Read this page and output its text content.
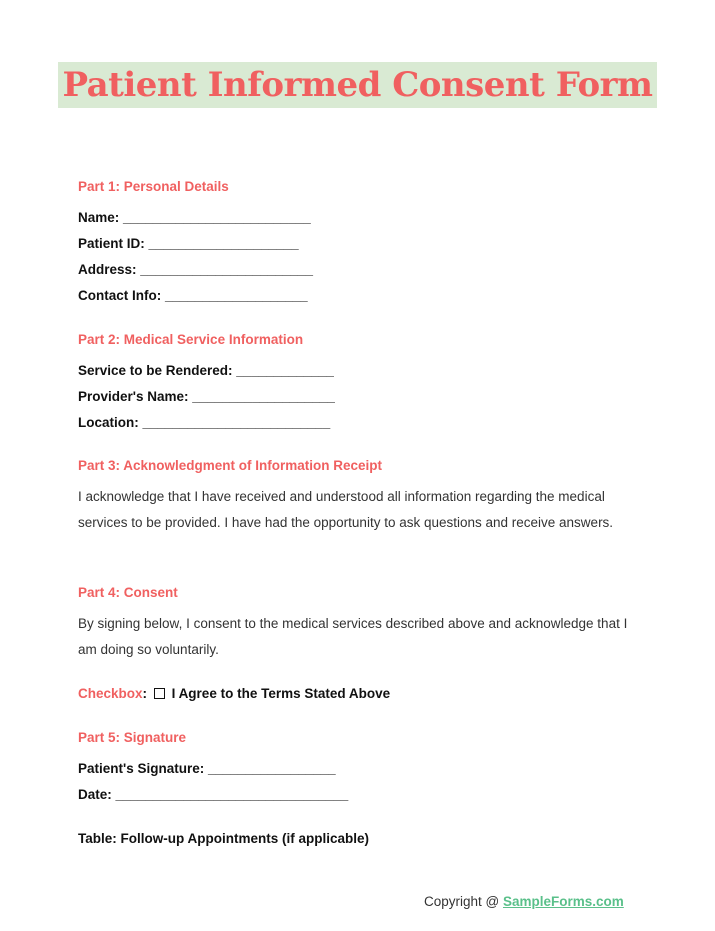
Patient Informed Consent Form
Part 1: Personal Details
Name: _________________________
Patient ID: ____________________
Address: _______________________
Contact Info: ___________________
Part 2: Medical Service Information
Service to be Rendered: _____________
Provider's Name: ___________________
Location: _________________________
Part 3: Acknowledgment of Information Receipt
I acknowledge that I have received and understood all information regarding the medical services to be provided. I have had the opportunity to ask questions and receive answers.
Part 4: Consent
By signing below, I consent to the medical services described above and acknowledge that I am doing so voluntarily.
Checkbox: I Agree to the Terms Stated Above
Part 5: Signature
Patient's Signature: _________________
Date: _______________________________
Table: Follow-up Appointments (if applicable)
Copyright @ SampleForms.com
